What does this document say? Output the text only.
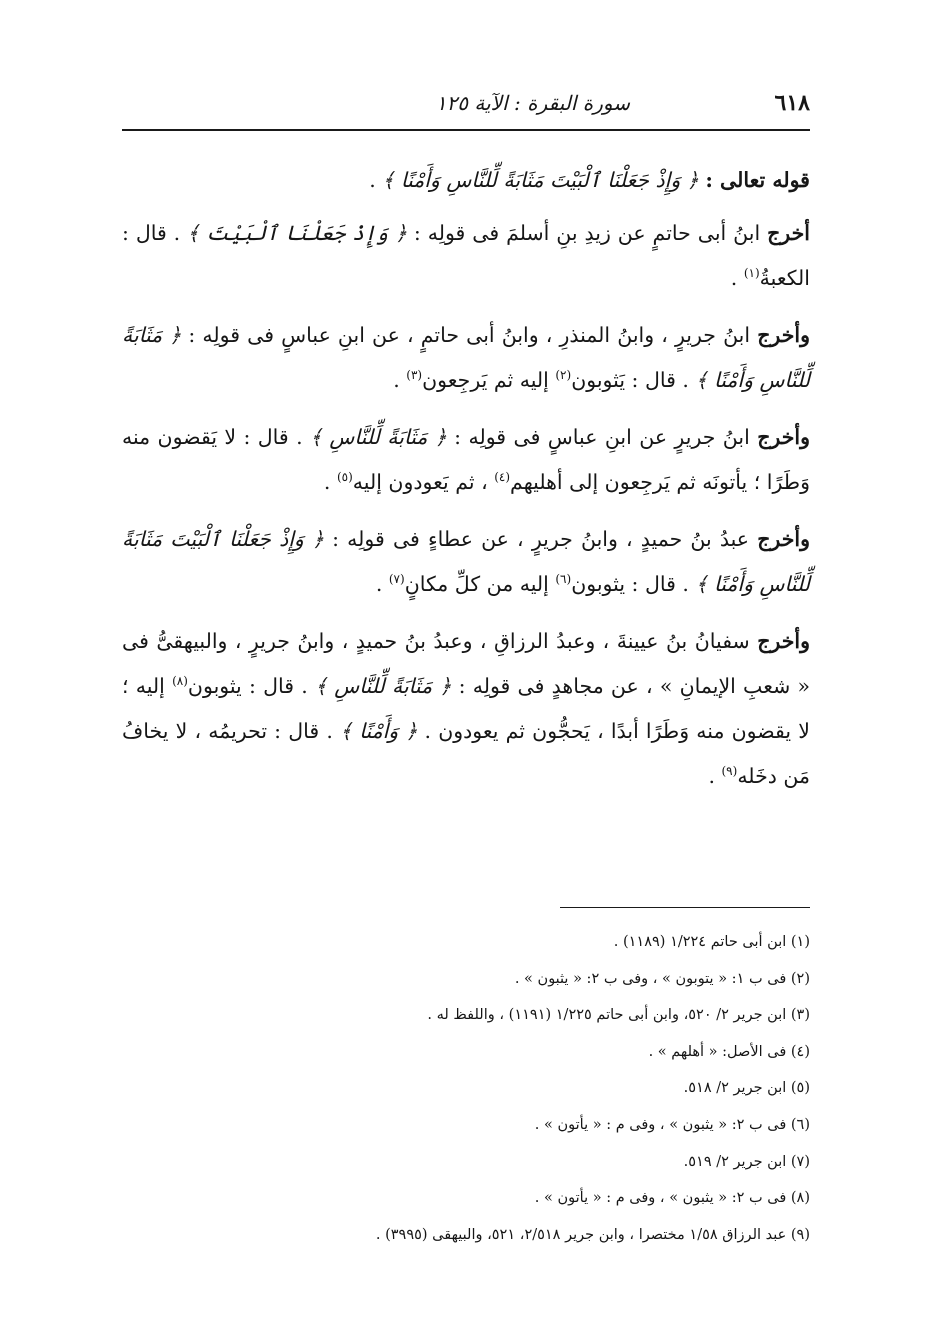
٦١٨
سورة البقرة : الآية ١٢٥

قوله تعالى : ﴿ وَإِذْ جَعَلْنَا ٱلْبَيْتَ مَثَابَةً لِّلنَّاسِ وَأَمْنًا ﴾ .

أخرج ابنُ أبى حاتمٍ عن زيدِ بنِ أسلمَ فى قولِه : ﴿ وَإِذْ جَعَلْنَا ٱلْبَيْتَ ﴾ . قال : الكعبةُ$^{(١)}$ .

وأخرج ابنُ جريرٍ ، وابنُ المنذرِ ، وابنُ أبى حاتمٍ ، عن ابنِ عباسٍ فى قولِه : ﴿ مَثَابَةً لِّلنَّاسِ وَأَمْنًا ﴾ . قال : يَثوبون$^{(٢)}$ إليه ثم يَرجِعون$^{(٣)}$ .

وأخرج ابنُ جريرٍ عن ابنِ عباسٍ فى قولِه : ﴿ مَثَابَةً لِّلنَّاسِ ﴾ . قال : لا يَقضون منه وَطَرًا ؛ يأتونَه ثم يَرجِعون إلى أهليهم$^{(٤)}$ ، ثم يَعودون إليه$^{(٥)}$ .

وأخرج عبدُ بنُ حميدٍ ، وابنُ جريرٍ ، عن عطاءٍ فى قولِه : ﴿ وَإِذْ جَعَلْنَا ٱلْبَيْتَ مَثَابَةً لِّلنَّاسِ وَأَمْنًا ﴾ . قال : يثوبون$^{(٦)}$ إليه من كلِّ مكانٍ$^{(٧)}$ .

وأخرج سفيانُ بنُ عيينةَ ، وعبدُ الرزاقِ ، وعبدُ بنُ حميدٍ ، وابنُ جريرٍ ، والبيهقىُّ فى « شعبِ الإيمانِ » ، عن مجاهدٍ فى قولِه : ﴿ مَثَابَةً لِّلنَّاسِ ﴾ . قال : يثوبون$^{(٨)}$ إليه ؛ لا يقضون منه وَطَرًا أبدًا ، يَحجُّون ثم يعودون . ﴿ وَأَمْنًا ﴾ . قال : تحريمُه ، لا يخافُ مَن دخَله$^{(٩)}$ .

(١) ابن أبى حاتم ١/٢٢٤ (١١٨٩) .
(٢) فى ب ١: « يتوبون » ، وفى ب ٢: « يثبون » .
(٣) ابن جرير ٢/ ٥٢٠، وابن أبى حاتم ١/٢٢٥ (١١٩١) ، واللفظ له .
(٤) فى الأصل: « أهلهم » .
(٥) ابن جرير ٢/ ٥١٨.
(٦) فى ب ٢: « يثبون » ، وفى م : « يأتون » .
(٧) ابن جرير ٢/ ٥١٩.
(٨) فى ب ٢: « يثبون » ، وفى م : « يأتون » .
(٩) عبد الرزاق ١/٥٨ مختصرا ، وابن جرير ٢/٥١٨، ٥٢١، والبيهقى (٣٩٩٥) .
